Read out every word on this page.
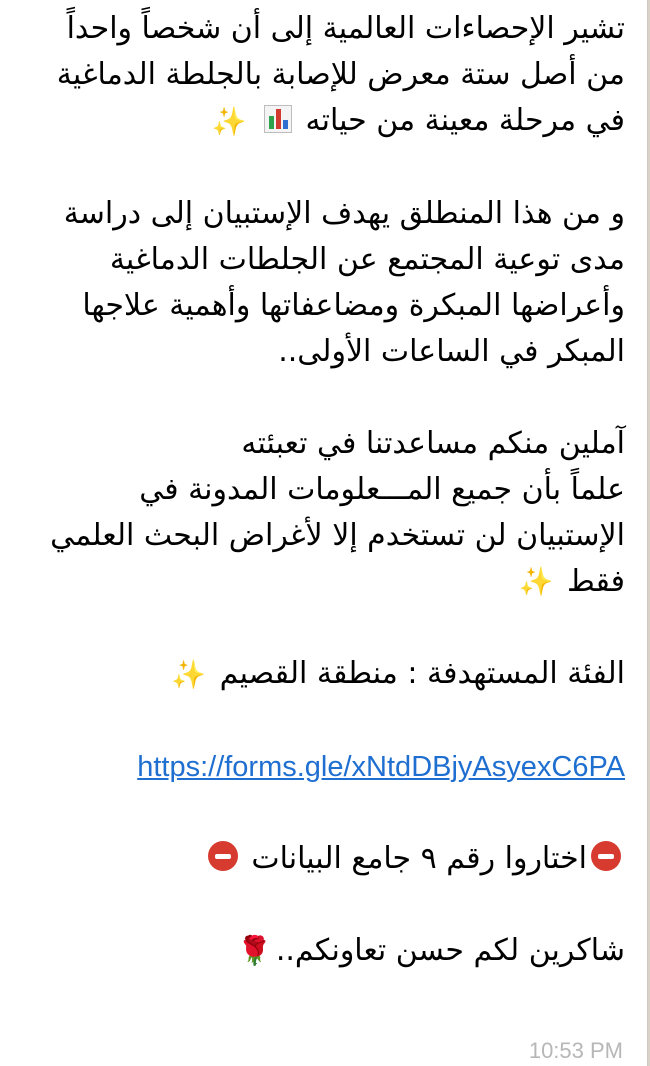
تشير الإحصاءات العالمية إلى أن شخصاً واحداً
من أصل ستة معرض للإصابة بالجلطة الدماغية
في مرحلة معينة من حياته
✨
و من هذا المنطلق يهدف الإستبيان إلى دراسة
مدى توعية المجتمع عن الجلطات الدماغية
وأعراضها المبكرة ومضاعفاتها وأهمية علاجها
المبكر في الساعات الأولى..
آملين منكم مساعدتنا في تعبئته
علماً بأن جميع المـــعلومات المدونة في
الإستبيان لن تستخدم إلا لأغراض البحث العلمي
فقط ✨
الفئة المستهدفة : منطقة القصيم ✨
https://forms.gle/xNtdDBjyAsyexC6PA
اختاروا رقم ٩ جامع البيانات
شاكرين لكم حسن تعاونكم..🌹
10:53 PM
